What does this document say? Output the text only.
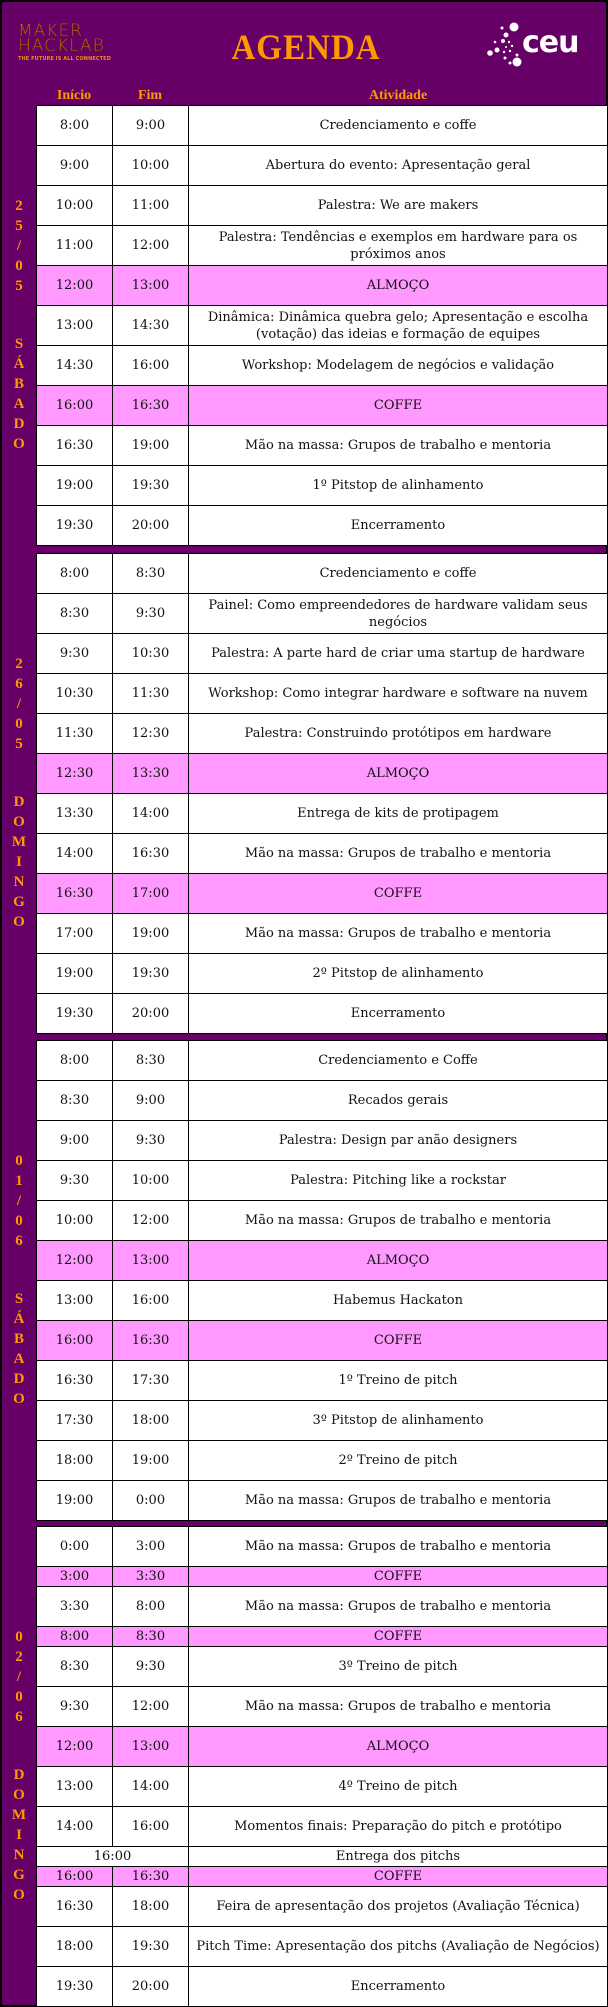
MAKER
HACKLAB
THE FUTURE IS ALL CONNECTED	AGENDA	ceu
Início	Fim	Atividade
2
5
/
0
5
S
Á
B
A
D
O
8:00	9:00	Credenciamento e coffe
9:00	10:00	Abertura do evento: Apresentação geral
10:00	11:00	Palestra: We are makers
11:00	12:00	Palestra: Tendências e exemplos em hardware para os próximos anos
12:00	13:00	ALMOÇO
13:00	14:30	Dinâmica: Dinâmica quebra gelo; Apresentação e escolha (votação) das ideias e formação de equipes
14:30	16:00	Workshop: Modelagem de negócios e validação
16:00	16:30	COFFE
16:30	19:00	Mão na massa: Grupos de trabalho e mentoria
19:00	19:30	1º Pitstop de alinhamento
19:30	20:00	Encerramento
2
6
/
0
5
D
O
M
I
N
G
O
8:00	8:30	Credenciamento e coffe
8:30	9:30	Painel: Como empreendedores de hardware validam seus negócios
9:30	10:30	Palestra: A parte hard de criar uma startup de hardware
10:30	11:30	Workshop: Como integrar hardware e software na nuvem
11:30	12:30	Palestra: Construindo protótipos em hardware
12:30	13:30	ALMOÇO
13:30	14:00	Entrega de kits de protipagem
14:00	16:30	Mão na massa: Grupos de trabalho e mentoria
16:30	17:00	COFFE
17:00	19:00	Mão na massa: Grupos de trabalho e mentoria
19:00	19:30	2º Pitstop de alinhamento
19:30	20:00	Encerramento
0
1
/
0
6
S
Á
B
A
D
O
8:00	8:30	Credenciamento e Coffe
8:30	9:00	Recados gerais
9:00	9:30	Palestra: Design par anão designers
9:30	10:00	Palestra: Pitching like a rockstar
10:00	12:00	Mão na massa: Grupos de trabalho e mentoria
12:00	13:00	ALMOÇO
13:00	16:00	Habemus Hackaton
16:00	16:30	COFFE
16:30	17:30	1º Treino de pitch
17:30	18:00	3º Pitstop de alinhamento
18:00	19:00	2º Treino de pitch
19:00	0:00	Mão na massa: Grupos de trabalho e mentoria
0
2
/
0
6
D
O
M
I
N
G
O
0:00	3:00	Mão na massa: Grupos de trabalho e mentoria
3:00	3:30	COFFE
3:30	8:00	Mão na massa: Grupos de trabalho e mentoria
8:00	8:30	COFFE
8:30	9:30	3º Treino de pitch
9:30	12:00	Mão na massa: Grupos de trabalho e mentoria
12:00	13:00	ALMOÇO
13:00	14:00	4º Treino de pitch
14:00	16:00	Momentos finais: Preparação do pitch e protótipo
16:00		Entrega dos pitchs
16:00	16:30	COFFE
16:30	18:00	Feira de apresentação dos projetos (Avaliação Técnica)
18:00	19:30	Pitch Time: Apresentação dos pitchs (Avaliação de Negócios)
19:30	20:00	Encerramento
